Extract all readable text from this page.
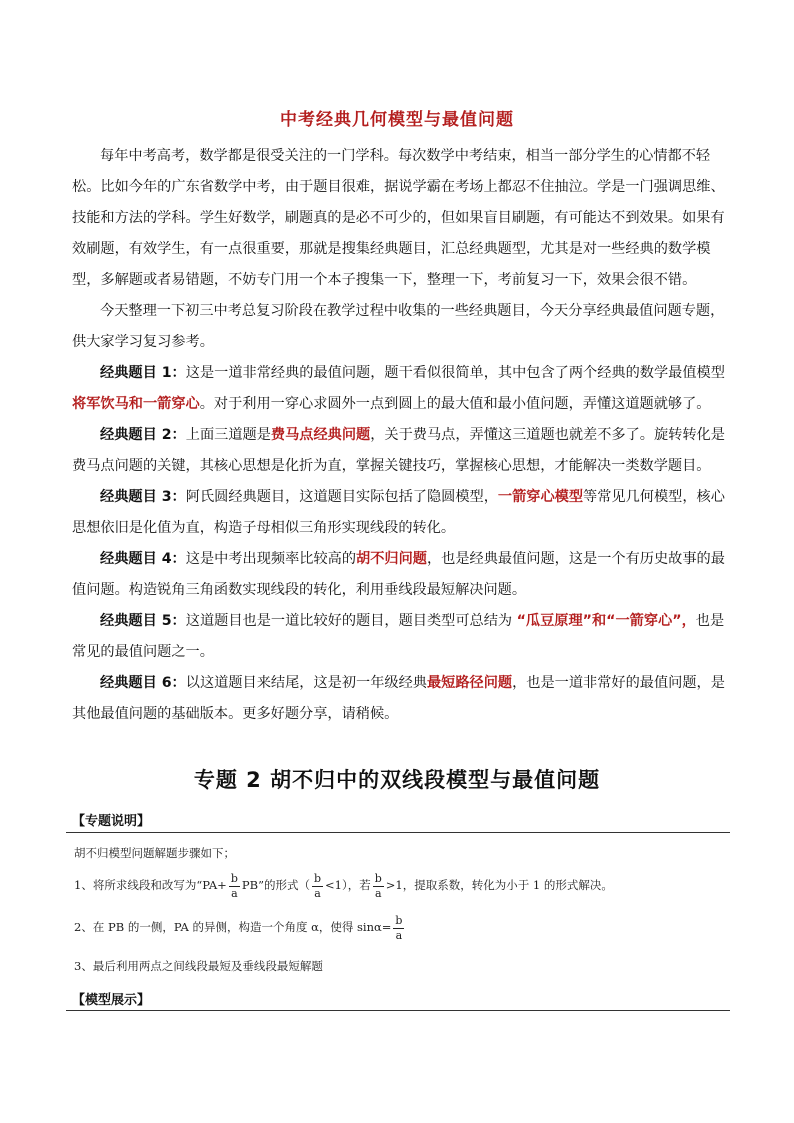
中考经典几何模型与最值问题
每年中考高考，数学都是很受关注的一门学科。每次数学中考结束，相当一部分学生的心情都不轻松。比如今年的广东省数学中考，由于题目很难，据说学霸在考场上都忍不住抽泣。学是一门强调思维、技能和方法的学科。学生好数学，刷题真的是必不可少的，但如果盲目刷题，有可能达不到效果。如果有效刷题，有效学生，有一点很重要，那就是搜集经典题目，汇总经典题型，尤其是对一些经典的数学模型，多解题或者易错题，不妨专门用一个本子搜集一下，整理一下，考前复习一下，效果会很不错。
今天整理一下初三中考总复习阶段在教学过程中收集的一些经典题目，今天分享经典最值问题专题，供大家学习复习参考。
经典题目 1：这是一道非常经典的最值问题，题干看似很简单，其中包含了两个经典的数学最值模型将军饮马和一箭穿心。对于利用一穿心求圆外一点到圆上的最大值和最小值问题，弄懂这道题就够了。
经典题目 2：上面三道题是费马点经典问题，关于费马点，弄懂这三道题也就差不多了。旋转转化是费马点问题的关键，其核心思想是化折为直，掌握关键技巧，掌握核心思想，才能解决一类数学题目。
经典题目 3：阿氏圆经典题目，这道题目实际包括了隐圆模型，一箭穿心模型等常见几何模型，核心思想依旧是化值为直，构造子母相似三角形实现线段的转化。
经典题目 4：这是中考出现频率比较高的胡不归问题，也是经典最值问题，这是一个有历史故事的最值问题。构造锐角三角函数实现线段的转化，利用垂线段最短解决问题。
经典题目 5：这道题目也是一道比较好的题目，题目类型可总结为 “瓜豆原理”和“一箭穿心”，也是常见的最值问题之一。
经典题目 6：以这道题目来结尾，这是初一年级经典最短路径问题，也是一道非常好的最值问题，是其他最值问题的基础版本。更多好题分享，请稍候。
专题 2 胡不归中的双线段模型与最值问题
【专题说明】
胡不归模型问题解题步骤如下；
1、将所求线段和改写为“$PA+ \frac{b}{a}$ PB”的形式（ $\frac{b}{a} <1$），若 $\frac{b}{a} >1$，提取系数，转化为小于 1 的形式解决。
2、在 PB 的一侧，PA 的异侧，构造一个角度 α，使得 $\sin\alpha= \frac{b}{a}$
3、最后利用两点之间线段最短及垂线段最短解题
【模型展示】
